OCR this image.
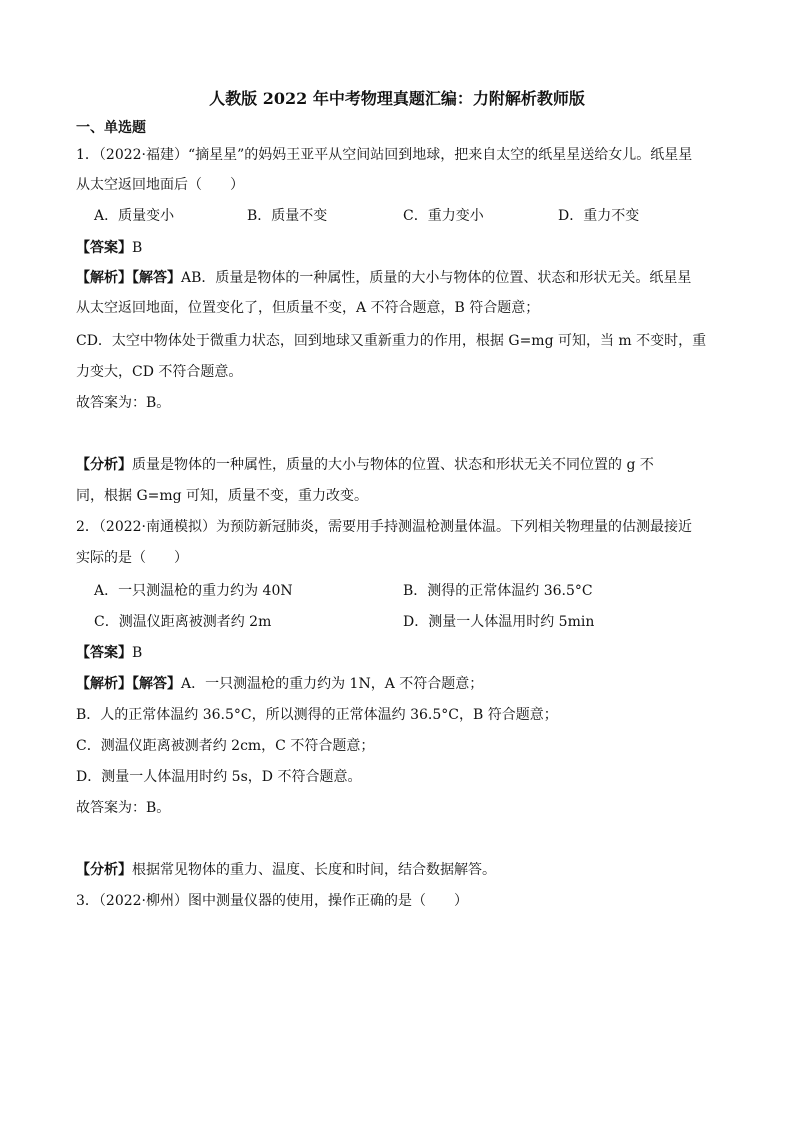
人教版 2022 年中考物理真题汇编：力附解析教师版
一、单选题
1．（2022·福建）“摘星星”的妈妈王亚平从空间站回到地球，把来自太空的纸星星送给女儿。纸星星
从太空返回地面后（　　）
A．质量变小	B．质量不变	C．重力变小	D．重力不变
【答案】B
【解析】【解答】AB．质量是物体的一种属性，质量的大小与物体的位置、状态和形状无关。纸星星
从太空返回地面，位置变化了，但质量不变，A 不符合题意，B 符合题意；
CD．太空中物体处于微重力状态，回到地球又重新重力的作用，根据 G=mg 可知，当 m 不变时，重
力变大，CD 不符合题意。
故答案为：B。
【分析】质量是物体的一种属性，质量的大小与物体的位置、状态和形状无关不同位置的 g 不
同，根据 G=mg 可知，质量不变，重力改变。
2．（2022·南通模拟）为预防新冠肺炎，需要用手持测温枪测量体温。下列相关物理量的估测最接近
实际的是（　　）
A．一只测温枪的重力约为 40N	B．测得的正常体温约 36.5°C
C．测温仪距离被测者约 2m	D．测量一人体温用时约 5min
【答案】B
【解析】【解答】A．一只测温枪的重力约为 1N，A 不符合题意；
B．人的正常体温约 36.5°C，所以测得的正常体温约 36.5°C，B 符合题意；
C．测温仪距离被测者约 2cm，C 不符合题意；
D．测量一人体温用时约 5s，D 不符合题意。
故答案为：B。
【分析】根据常见物体的重力、温度、长度和时间，结合数据解答。
3．（2022·柳州）图中测量仪器的使用，操作正确的是（　　）
